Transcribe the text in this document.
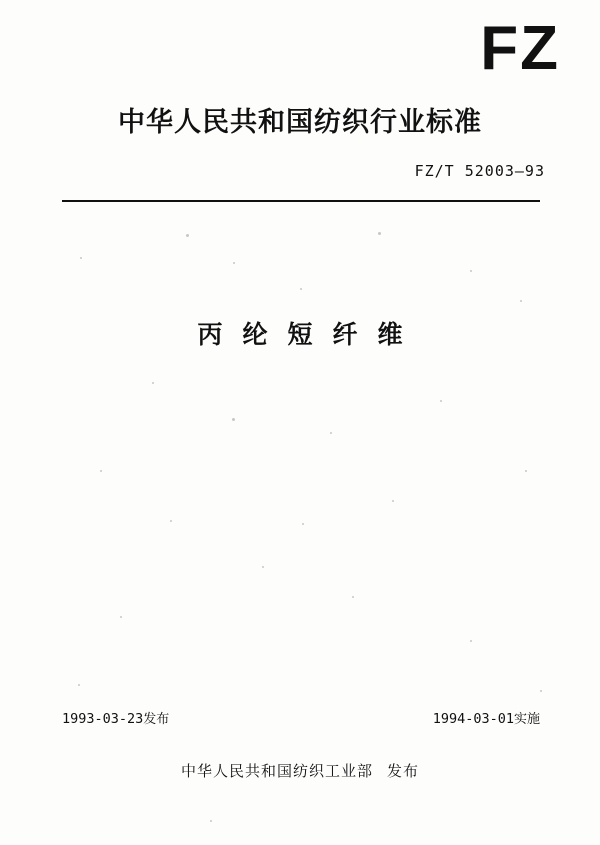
FZ
中华人民共和国纺织行业标准
FZ/T 52003—93
丙纶短纤维
1993-03-23发布	1994-03-01实施
中华人民共和国纺织工业部 发布
